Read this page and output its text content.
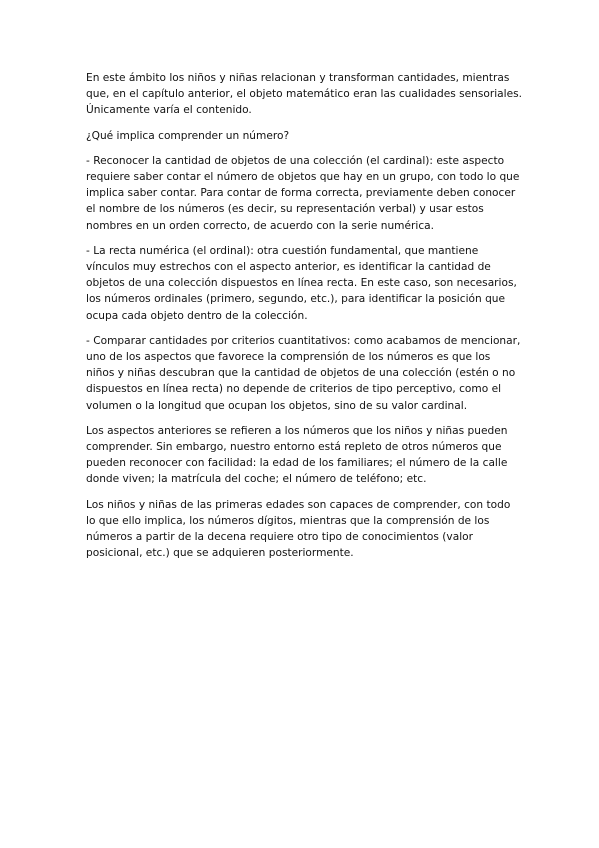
En este ámbito los niños y niñas relacionan y transforman cantidades, mientras que, en el capítulo anterior, el objeto matemático eran las cualidades sensoriales. Únicamente varía el contenido.

¿Qué implica comprender un número?

- Reconocer la cantidad de objetos de una colección (el cardinal): este aspecto requiere saber contar el número de objetos que hay en un grupo, con todo lo que implica saber contar. Para contar de forma correcta, previamente deben conocer el nombre de los números (es decir, su representación verbal) y usar estos nombres en un orden correcto, de acuerdo con la serie numérica.

- La recta numérica (el ordinal): otra cuestión fundamental, que mantiene vínculos muy estrechos con el aspecto anterior, es identificar la cantidad de objetos de una colección dispuestos en línea recta. En este caso, son necesarios, los números ordinales (primero, segundo, etc.), para identificar la posición que ocupa cada objeto dentro de la colección.

- Comparar cantidades por criterios cuantitativos: como acabamos de mencionar, uno de los aspectos que favorece la comprensión de los números es que los niños y niñas descubran que la cantidad de objetos de una colección (estén o no dispuestos en línea recta) no depende de criterios de tipo perceptivo, como el volumen o la longitud que ocupan los objetos, sino de su valor cardinal.

Los aspectos anteriores se refieren a los números que los niños y niñas pueden comprender. Sin embargo, nuestro entorno está repleto de otros números que pueden reconocer con facilidad: la edad de los familiares; el número de la calle donde viven; la matrícula del coche; el número de teléfono; etc.

Los niños y niñas de las primeras edades son capaces de comprender, con todo lo que ello implica, los números dígitos, mientras que la comprensión de los números a partir de la decena requiere otro tipo de conocimientos (valor posicional, etc.) que se adquieren posteriormente.
